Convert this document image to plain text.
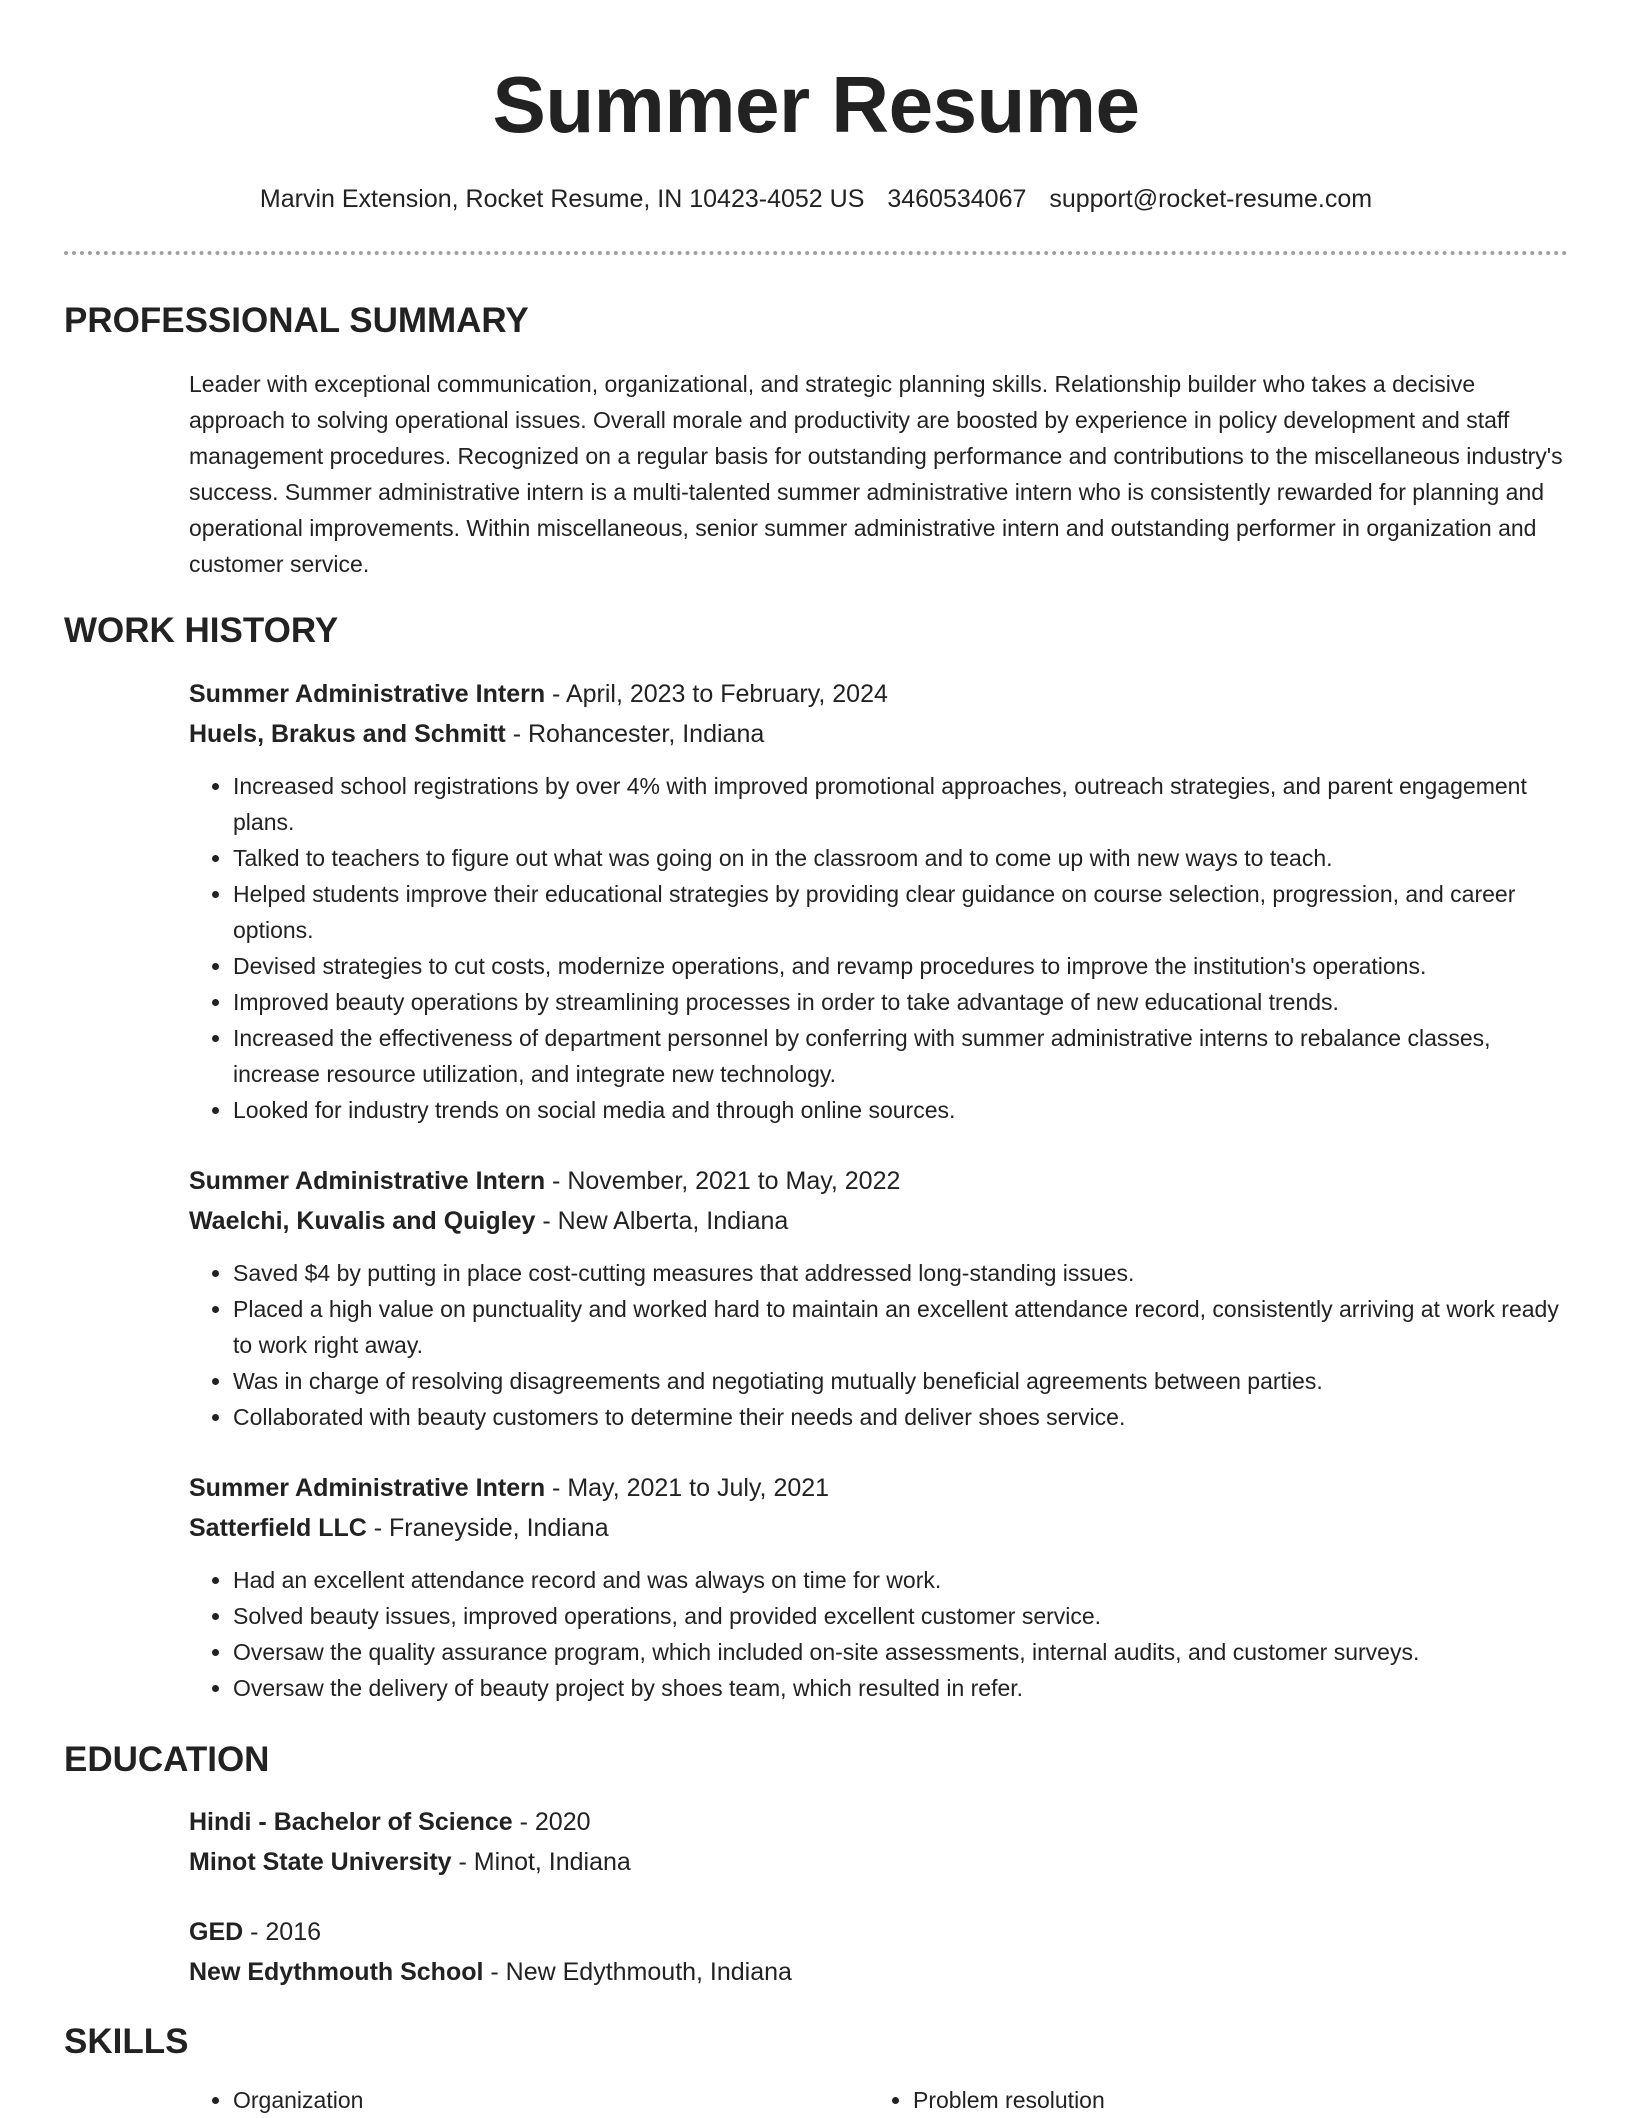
Summer Resume
Marvin Extension, Rocket Resume, IN 10423-4052 US 3460534067 support@rocket-resume.com
PROFESSIONAL SUMMARY

Leader with exceptional communication, organizational, and strategic planning skills. Relationship builder who takes a decisive approach to solving operational issues. Overall morale and productivity are boosted by experience in policy development and staff management procedures. Recognized on a regular basis for outstanding performance and contributions to the miscellaneous industry's success. Summer administrative intern is a multi-talented summer administrative intern who is consistently rewarded for planning and operational improvements. Within miscellaneous, senior summer administrative intern and outstanding performer in organization and customer service.

WORK HISTORY
Summer Administrative Intern - April, 2023 to February, 2024
Huels, Brakus and Schmitt - Rohancester, Indiana
• Increased school registrations by over 4% with improved promotional approaches, outreach strategies, and parent engagement plans.
• Talked to teachers to figure out what was going on in the classroom and to come up with new ways to teach.
• Helped students improve their educational strategies by providing clear guidance on course selection, progression, and career options.
• Devised strategies to cut costs, modernize operations, and revamp procedures to improve the institution's operations.
• Improved beauty operations by streamlining processes in order to take advantage of new educational trends.
• Increased the effectiveness of department personnel by conferring with summer administrative interns to rebalance classes, increase resource utilization, and integrate new technology.
• Looked for industry trends on social media and through online sources.
Summer Administrative Intern - November, 2021 to May, 2022
Waelchi, Kuvalis and Quigley - New Alberta, Indiana
• Saved $4 by putting in place cost-cutting measures that addressed long-standing issues.
• Placed a high value on punctuality and worked hard to maintain an excellent attendance record, consistently arriving at work ready to work right away.
• Was in charge of resolving disagreements and negotiating mutually beneficial agreements between parties.
• Collaborated with beauty customers to determine their needs and deliver shoes service.
Summer Administrative Intern - May, 2021 to July, 2021
Satterfield LLC - Franeyside, Indiana
• Had an excellent attendance record and was always on time for work.
• Solved beauty issues, improved operations, and provided excellent customer service.
• Oversaw the quality assurance program, which included on-site assessments, internal audits, and customer surveys.
• Oversaw the delivery of beauty project by shoes team, which resulted in refer.
EDUCATION
Hindi - Bachelor of Science - 2020
Minot State University - Minot, Indiana
GED - 2016
New Edythmouth School - New Edythmouth, Indiana
SKILLS
• Organization
•	Problem resolution
